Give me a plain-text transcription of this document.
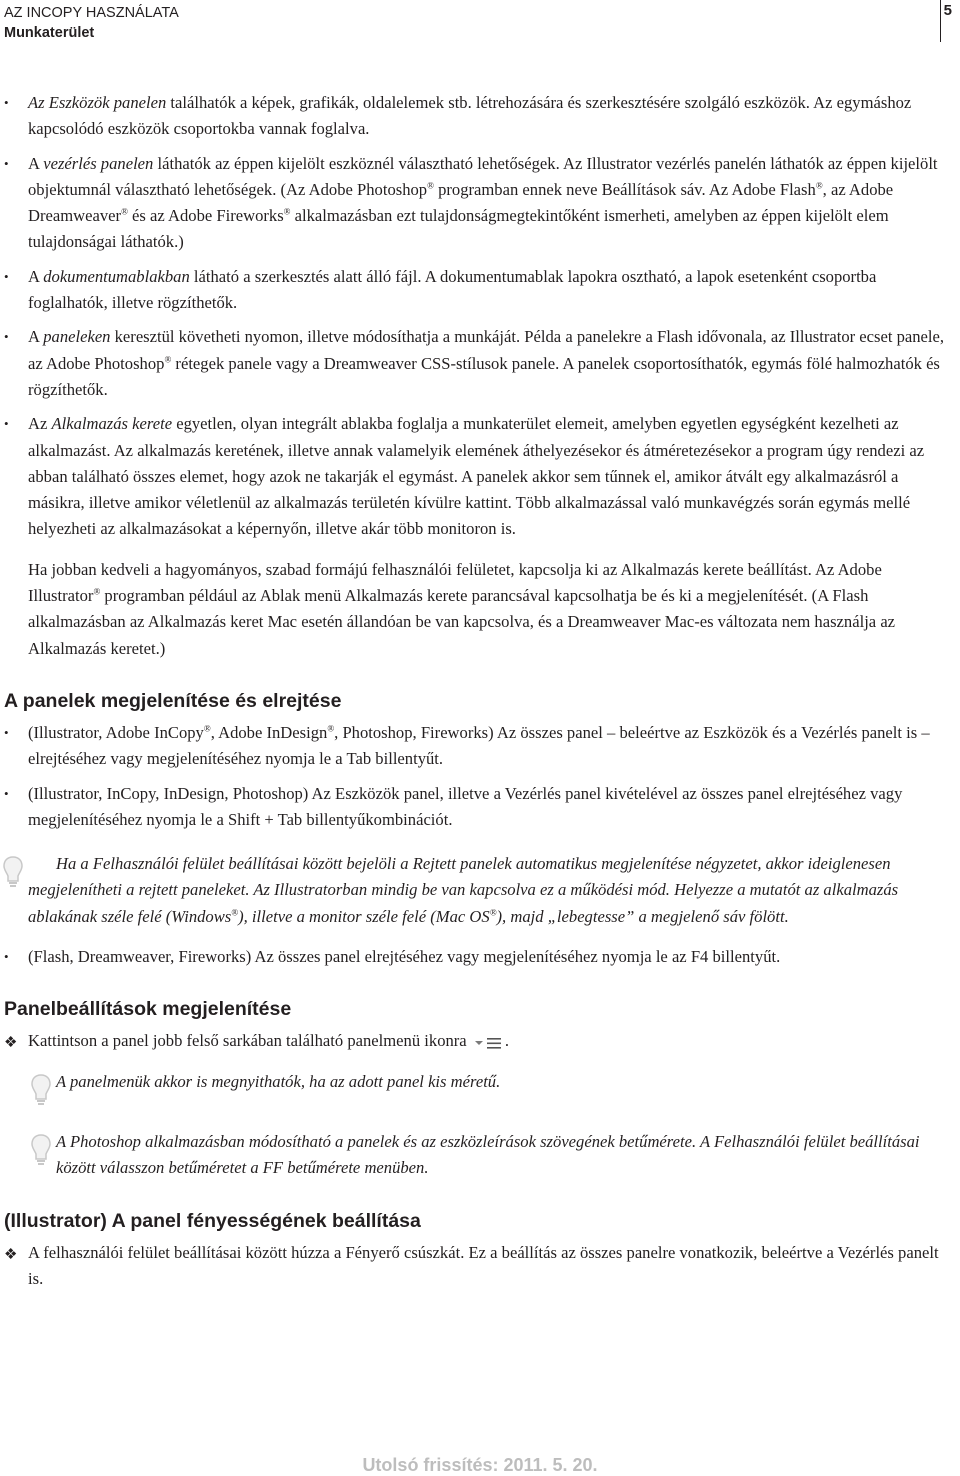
AZ INCOPY HASZNÁLATA
Munkaterület
5
• Az Eszközök panelen találhatók a képek, grafikák, oldalelemek stb. létrehozására és szerkesztésére szolgáló eszközök. Az egymáshoz kapcsolódó eszközök csoportokba vannak foglalva.
• A vezérlés panelen láthatók az éppen kijelölt eszköznél választható lehetőségek. Az Illustrator vezérlés panelén láthatók az éppen kijelölt objektumnál választható lehetőségek. (Az Adobe Photoshop® programban ennek neve Beállítások sáv. Az Adobe Flash®, az Adobe Dreamweaver® és az Adobe Fireworks® alkalmazásban ezt tulajdonságmegtekintőként ismerheti, amelyben az éppen kijelölt elem tulajdonságai láthatók.)
• A dokumentumablakban látható a szerkesztés alatt álló fájl. A dokumentumablak lapokra osztható, a lapok esetenként csoportba foglalhatók, illetve rögzíthetők.
• A paneleken keresztül követheti nyomon, illetve módosíthatja a munkáját. Példa a panelekre a Flash idővonala, az Illustrator ecset panele, az Adobe Photoshop® rétegek panele vagy a Dreamweaver CSS-stílusok panele. A panelek csoportosíthatók, egymás fölé halmozhatók és rögzíthetők.
• Az Alkalmazás kerete egyetlen, olyan integrált ablakba foglalja a munkaterület elemeit, amelyben egyetlen egységként kezelheti az alkalmazást. Az alkalmazás keretének, illetve annak valamelyik elemének áthelyezésekor és átméretezésekor a program úgy rendezi az abban található összes elemet, hogy azok ne takarják el egymást. A panelek akkor sem tűnnek el, amikor átvált egy alkalmazásról a másikra, illetve amikor véletlenül az alkalmazás területén kívülre kattint. Több alkalmazással való munkavégzés során egymás mellé helyezheti az alkalmazásokat a képernyőn, illetve akár több monitoron is.
Ha jobban kedveli a hagyományos, szabad formájú felhasználói felületet, kapcsolja ki az Alkalmazás kerete beállítást. Az Adobe Illustrator® programban például az Ablak menü Alkalmazás kerete parancsával kapcsolhatja be és ki a megjelenítését. (A Flash alkalmazásban az Alkalmazás keret Mac esetén állandóan be van kapcsolva, és a Dreamweaver Mac-es változata nem használja az Alkalmazás keretet.)
A panelek megjelenítése és elrejtése
• (Illustrator, Adobe InCopy®, Adobe InDesign®, Photoshop, Fireworks) Az összes panel – beleértve az Eszközök és a Vezérlés panelt is – elrejtéséhez vagy megjelenítéséhez nyomja le a Tab billentyűt.
• (Illustrator, InCopy, InDesign, Photoshop) Az Eszközök panel, illetve a Vezérlés panel kivételével az összes panel elrejtéséhez vagy megjelenítéséhez nyomja le a Shift + Tab billentyűkombinációt.
Ha a Felhasználói felület beállításai között bejelöli a Rejtett panelek automatikus megjelenítése négyzetet, akkor ideiglenesen megjelenítheti a rejtett paneleket. Az Illustratorban mindig be van kapcsolva ez a működési mód. Helyezze a mutatót az alkalmazás ablakának széle felé (Windows®), illetve a monitor széle felé (Mac OS®), majd „lebegtesse” a megjelenő sáv fölött.
• (Flash, Dreamweaver, Fireworks) Az összes panel elrejtéséhez vagy megjelenítéséhez nyomja le az F4 billentyűt.
Panelbeállítások megjelenítése
❖ Kattintson a panel jobb felső sarkában található panelmenü ikonra .
A panelmenük akkor is megnyithatók, ha az adott panel kis méretű.
A Photoshop alkalmazásban módosítható a panelek és az eszközleírások szövegének betűmérete. A Felhasználói felület beállításai között válasszon betűméretet a FF betűmérete menüben.
(Illustrator) A panel fényességének beállítása
❖ A felhasználói felület beállításai között húzza a Fényerő csúszkát. Ez a beállítás az összes panelre vonatkozik, beleértve a Vezérlés panelt is.
Utolsó frissítés: 2011. 5. 20.
